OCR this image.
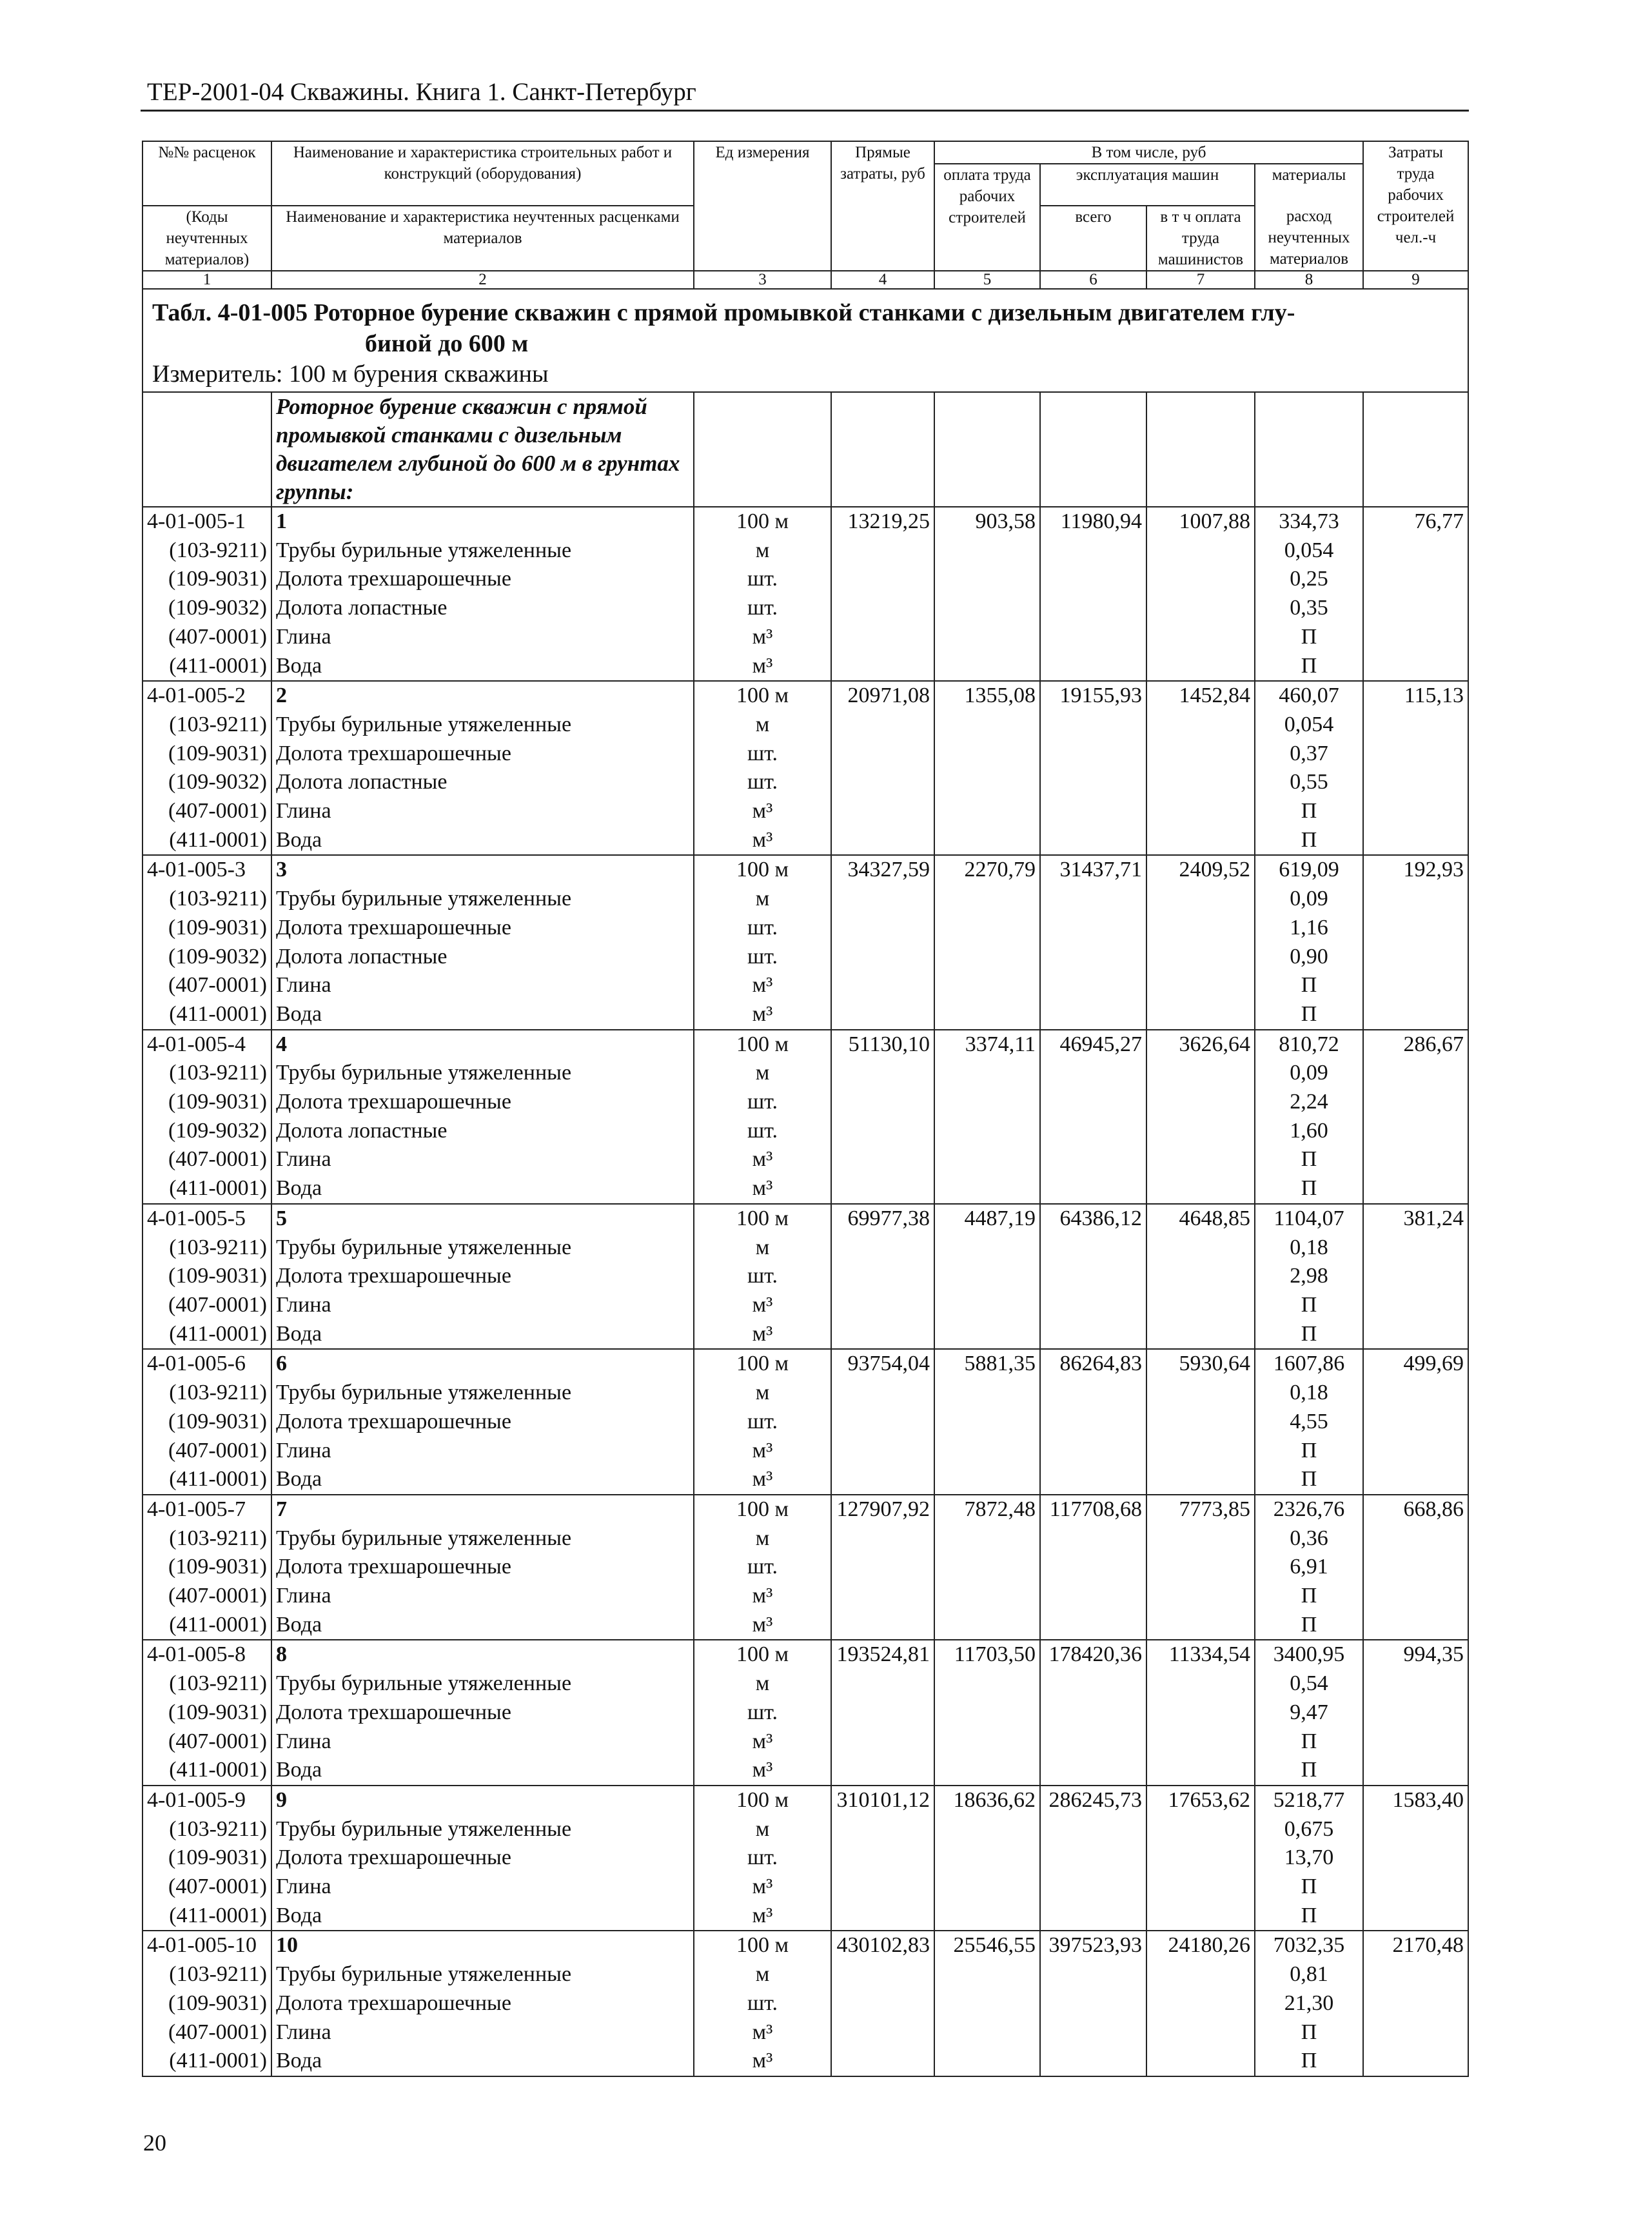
ТЕР-2001-04 Скважины. Книга 1. Санкт-Петербург
№№ расценок	Наименование и характеристика строительных работ и конструкций (оборудования)	Ед измерения	Прямые затраты, руб	В том числе, руб				Затраты труда рабочих
				оплата труда рабочих строителей	эксплуатация машин		материалы	
(Коды неучтенных материалов)	Наименование и характеристика неучтенных расценками материалов				всего	в т ч оплата труда машинистов	расход неучтенных материалов	строителей чел.-ч

1	2	3	4	5	6	7	8	9

Табл. 4-01-005 Роторное бурение скважин с прямой промывкой станками с дизельным двигателем глу-
биной до 600 м
Измеритель: 100 м бурения скважины								

	Роторное бурение скважин с прямой промывкой станками с дизельным двигателем глубиной до 600 м в грунтах группы:							
4-01-005-1	1	100 м	13219,25	903,58	11980,94	1007,88	334,73	76,77
(103-9211)	Трубы бурильные утяжеленные	м					0,054	
(109-9031)	Долота трехшарошечные	шт.					0,25	
(109-9032)	Долота лопастные	шт.					0,35	
(407-0001)	Глина	м³					П	
(411-0001)	Вода	м³					П	
4-01-005-2	2	100 м	20971,08	1355,08	19155,93	1452,84	460,07	115,13
(103-9211)	Трубы бурильные утяжеленные	м					0,054	
(109-9031)	Долота трехшарошечные	шт.					0,37	
(109-9032)	Долота лопастные	шт.					0,55	
(407-0001)	Глина	м³					П	
(411-0001)	Вода	м³					П	
4-01-005-3	3	100 м	34327,59	2270,79	31437,71	2409,52	619,09	192,93
(103-9211)	Трубы бурильные утяжеленные	м					0,09	
(109-9031)	Долота трехшарошечные	шт.					1,16	
(109-9032)	Долота лопастные	шт.					0,90	
(407-0001)	Глина	м³					П	
(411-0001)	Вода	м³					П	
4-01-005-4	4	100 м	51130,10	3374,11	46945,27	3626,64	810,72	286,67
(103-9211)	Трубы бурильные утяжеленные	м					0,09	
(109-9031)	Долота трехшарошечные	шт.					2,24	
(109-9032)	Долота лопастные	шт.					1,60	
(407-0001)	Глина	м³					П	
(411-0001)	Вода	м³					П	
4-01-005-5	5	100 м	69977,38	4487,19	64386,12	4648,85	1104,07	381,24
(103-9211)	Трубы бурильные утяжеленные	м					0,18	
(109-9031)	Долота трехшарошечные	шт.					2,98	
(407-0001)	Глина	м³					П	
(411-0001)	Вода	м³					П	
4-01-005-6	6	100 м	93754,04	5881,35	86264,83	5930,64	1607,86	499,69
(103-9211)	Трубы бурильные утяжеленные	м					0,18	
(109-9031)	Долота трехшарошечные	шт.					4,55	
(407-0001)	Глина	м³					П	
(411-0001)	Вода	м³					П	
4-01-005-7	7	100 м	127907,92	7872,48	117708,68	7773,85	2326,76	668,86
(103-9211)	Трубы бурильные утяжеленные	м					0,36	
(109-9031)	Долота трехшарошечные	шт.					6,91	
(407-0001)	Глина	м³					П	
(411-0001)	Вода	м³					П	
4-01-005-8	8	100 м	193524,81	11703,50	178420,36	11334,54	3400,95	994,35
(103-9211)	Трубы бурильные утяжеленные	м					0,54	
(109-9031)	Долота трехшарошечные	шт.					9,47	
(407-0001)	Глина	м³					П	
(411-0001)	Вода	м³					П	
4-01-005-9	9	100 м	310101,12	18636,62	286245,73	17653,62	5218,77	1583,40
(103-9211)	Трубы бурильные утяжеленные	м					0,675	
(109-9031)	Долота трехшарошечные	шт.					13,70	
(407-0001)	Глина	м³					П	
(411-0001)	Вода	м³					П	
4-01-005-10	10	100 м	430102,83	25546,55	397523,93	24180,26	7032,35	2170,48
(103-9211)	Трубы бурильные утяжеленные	м					0,81	
(109-9031)	Долота трехшарошечные	шт.					21,30	
(407-0001)	Глина	м³					П	
(411-0001)	Вода	м³					П	
20
